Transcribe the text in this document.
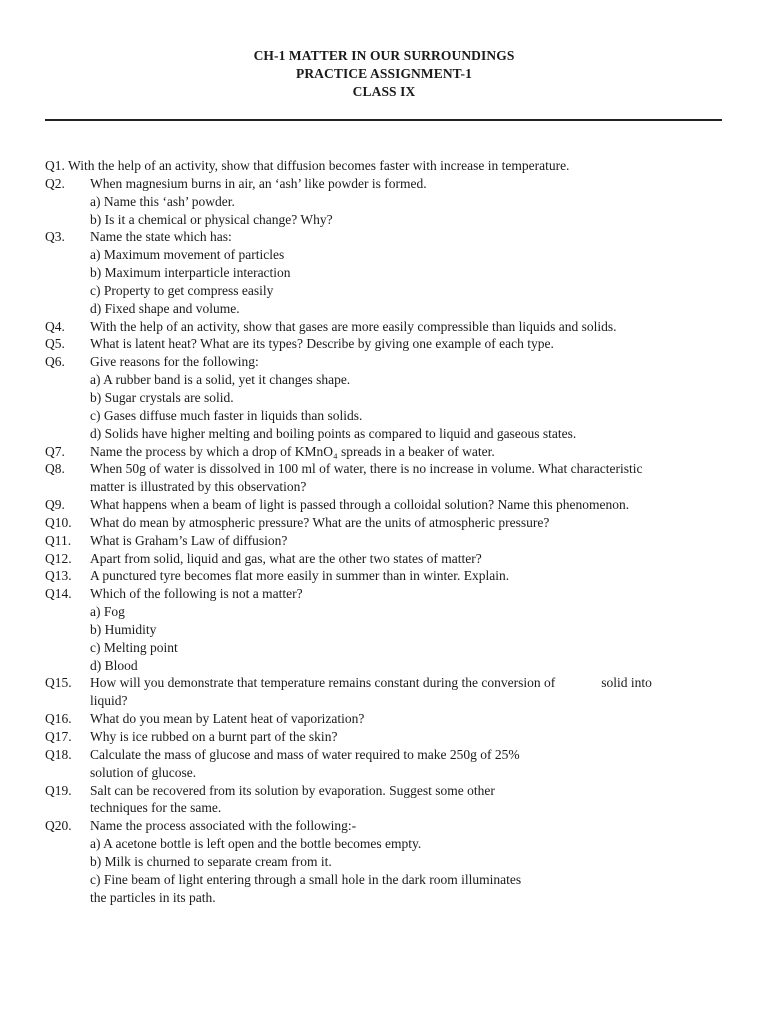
CH-1 MATTER IN OUR SURROUNDINGS
PRACTICE ASSIGNMENT-1
CLASS IX
Q1. With the help of an activity, show that diffusion becomes faster with increase in temperature.
Q2.	When magnesium burns in air, an ‘ash’ like powder is formed.
a) Name this ‘ash’ powder.
b) Is it a chemical or physical change? Why?
Q3.	Name the state which has:
a) Maximum movement of particles
b) Maximum interparticle interaction
c) Property to get compress easily
d) Fixed shape and volume.
Q4.	With the help of an activity, show that gases are more easily compressible than liquids and solids.
Q5.	What is latent heat? What are its types? Describe by giving one example of each type.
Q6.	Give reasons for the following:
a) A rubber band is a solid, yet it changes shape.
b) Sugar crystals are solid.
c) Gases diffuse much faster in liquids than solids.
d) Solids have higher melting and boiling points as compared to liquid and gaseous states.
Q7.	Name the process by which a drop of KMnO₄ spreads in a beaker of water.
Q8.	When 50g of water is dissolved in 100 ml of water, there is no increase in volume. What characteristic
matter is illustrated by this observation?
Q9.	What happens when a beam of light is passed through a colloidal solution? Name this phenomenon.
Q10.	What do mean by atmospheric pressure? What are the units of atmospheric pressure?
Q11.	What is Graham’s Law of diffusion?
Q12.	Apart from solid, liquid and gas, what are the other two states of matter?
Q13.	A punctured tyre becomes flat more easily in summer than in winter. Explain.
Q14.	Which of the following is not a matter?
a) Fog
b) Humidity
c) Melting point
d) Blood
Q15.	How will you demonstrate that temperature remains constant during the conversion of	solid into
liquid?
Q16.	What do you mean by Latent heat of vaporization?
Q17.	Why is ice rubbed on a burnt part of the skin?
Q18.	Calculate the mass of glucose and mass of water required to make 250g of 25%
solution of glucose.
Q19.	Salt can be recovered from its solution by evaporation. Suggest some other
techniques for the same.
Q20.	Name the process associated with the following:-
a) A acetone bottle is left open and the bottle becomes empty.
b) Milk is churned to separate cream from it.
c) Fine beam of light entering through a small hole in the dark room illuminates
the particles in its path.
